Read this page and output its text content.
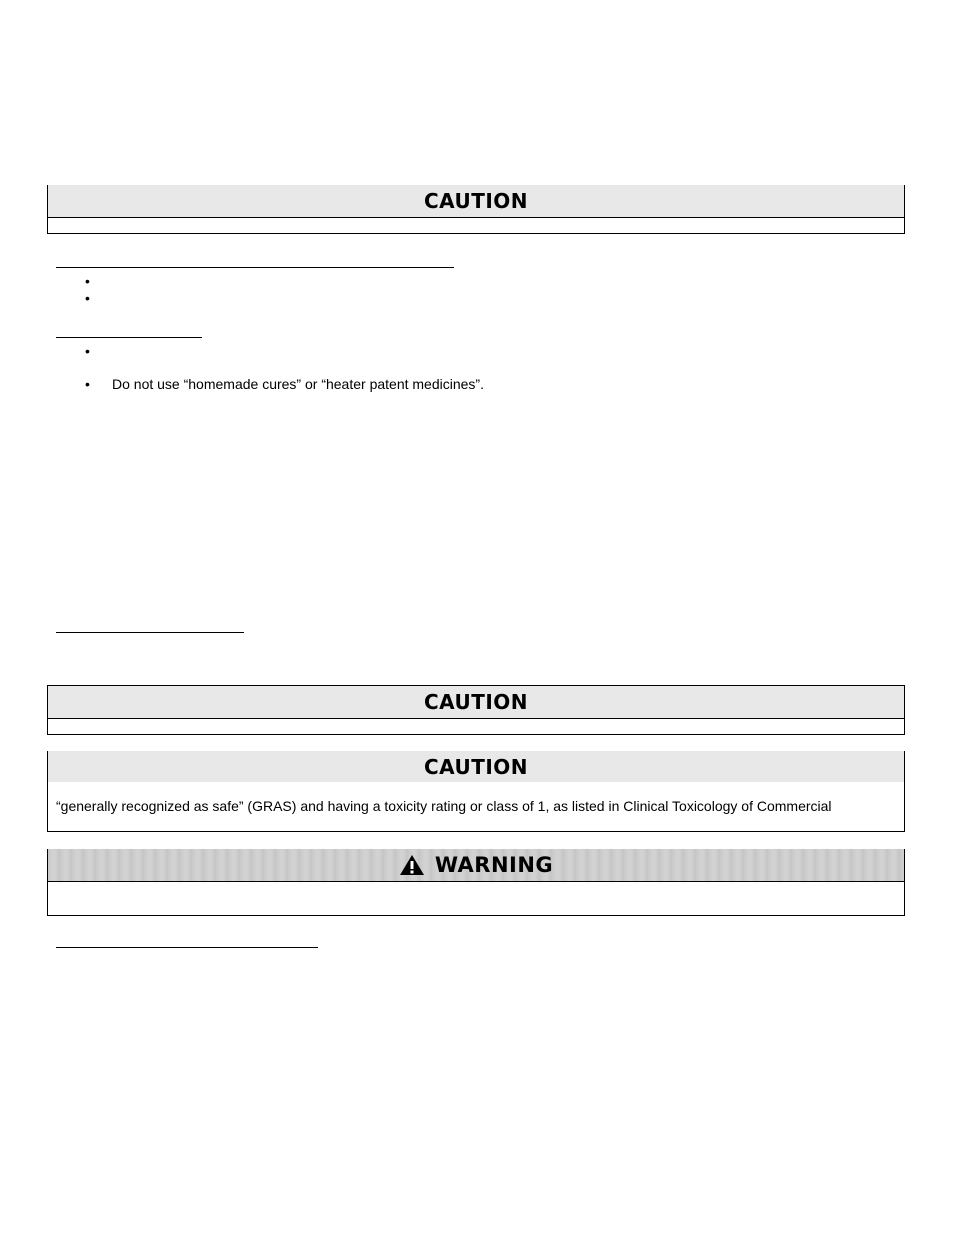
CAUTION
•
•
•
• Do not use “homemade cures” or “heater patent medicines”.
CAUTION
CAUTION
“generally recognized as safe” (GRAS) and having a toxicity rating or class of 1, as listed in Clinical Toxicology of Commercial
WARNING
